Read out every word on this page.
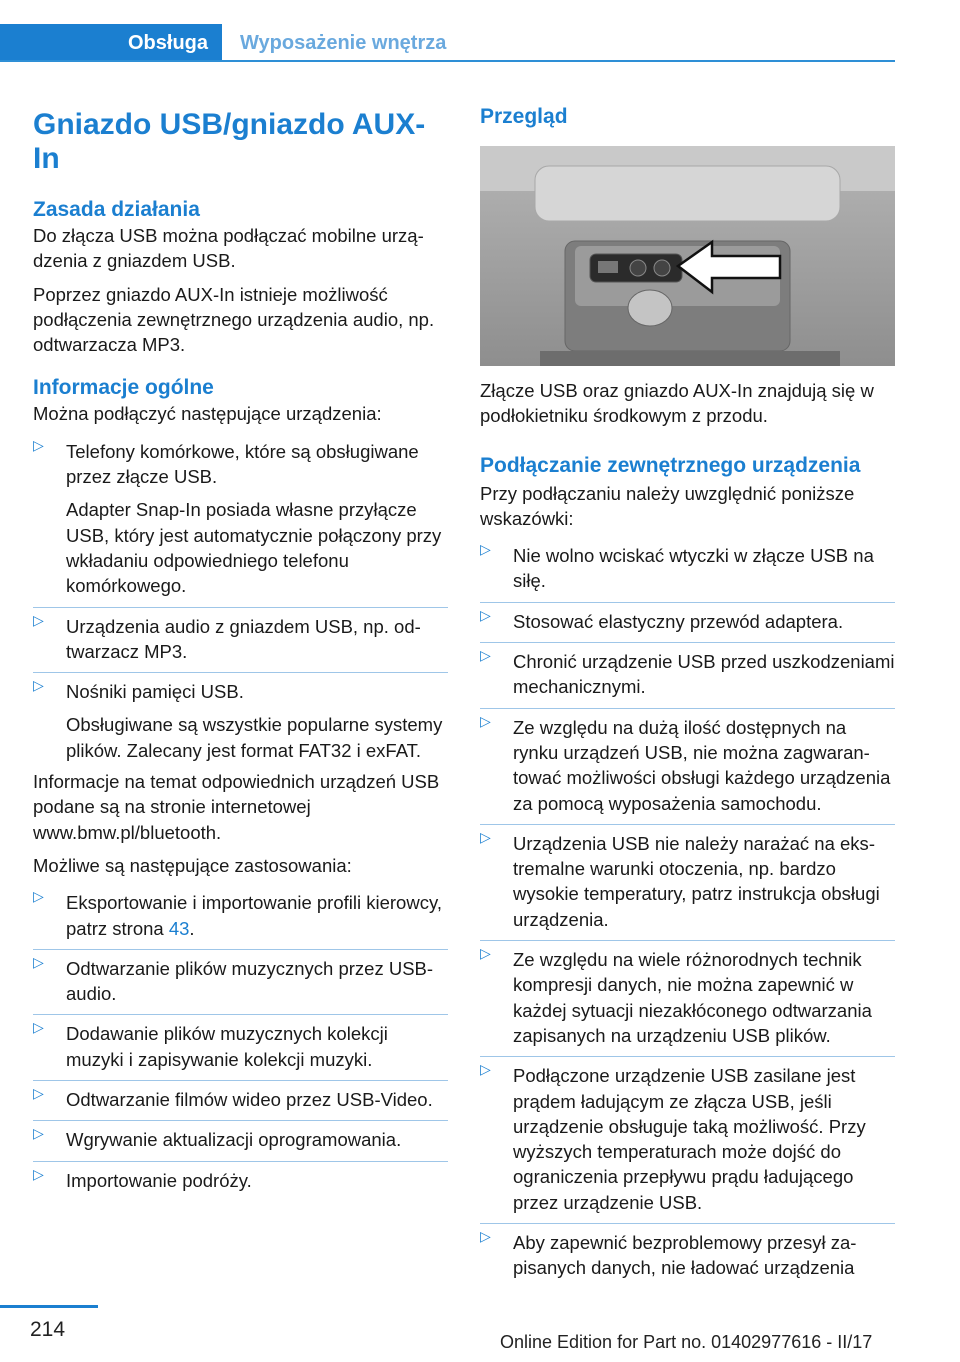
Obsługa	Wyposażenie wnętrza
Gniazdo USB/gniazdo AUX-In
Zasada działania

Do złącza USB można podłączać mobilne urządzenia z gniazdem USB.

Poprzez gniazdo AUX-In istnieje możliwość podłączenia zewnętrznego urządzenia audio, np. odtwarzacza MP3.

Informacje ogólne

Można podłączyć następujące urządzenia:

▷ Telefony komórkowe, które są obsługiwane przez złącze USB.
Adapter Snap-In posiada własne przyłącze USB, który jest automatycznie połączony przy wkładaniu odpowiedniego telefonu komórkowego.
▷ Urządzenia audio z gniazdem USB, np. odtwarzacz MP3.
▷ Nośniki pamięci USB.
Obsługiwane są wszystkie popularne systemy plików. Zalecany jest format FAT32 i exFAT.

Informacje na temat odpowiednich urządzeń USB podane są na stronie internetowej www.bmw.pl/bluetooth.

Możliwe są następujące zastosowania:

▷ Eksportowanie i importowanie profili kierowcy, patrz strona 43.
▷ Odtwarzanie plików muzycznych przez USB-audio.
▷ Dodawanie plików muzycznych kolekcji muzyki i zapisywanie kolekcji muzyki.
▷ Odtwarzanie filmów wideo przez USB-Video.
▷ Wgrywanie aktualizacji oprogramowania.
▷ Importowanie podróży.
Przegląd

Złącze USB oraz gniazdo AUX-In znajdują się w podłokietniku środkowym z przodu.

Podłączanie zewnętrznego urządzenia

Przy podłączaniu należy uwzględnić poniższe wskazówki:

▷ Nie wolno wciskać wtyczki w złącze USB na siłę.
▷ Stosować elastyczny przewód adaptera.
▷ Chronić urządzenie USB przed uszkodzeniami mechanicznymi.
▷ Ze względu na dużą ilość dostępnych na rynku urządzeń USB, nie można zagwarantować możliwości obsługi każdego urządzenia za pomocą wyposażenia samochodu.
▷ Urządzenia USB nie należy narażać na ekstremalne warunki otoczenia, np. bardzo wysokie temperatury, patrz instrukcja obsługi urządzenia.
▷ Ze względu na wiele różnorodnych technik kompresji danych, nie można zapewnić w każdej sytuacji niezakłóconego odtwarzania zapisanych na urządzeniu USB plików.
▷ Podłączone urządzenie USB zasilane jest prądem ładującym ze złącza USB, jeśli urządzenie obsługuje taką możliwość. Przy wyższych temperaturach może dojść do ograniczenia przepływu prądu ładującego przez urządzenie USB.
▷ Aby zapewnić bezproblemowy przesył zapisanych danych, nie ładować urządzenia
214
Online Edition for Part no. 01402977616 - II/17
